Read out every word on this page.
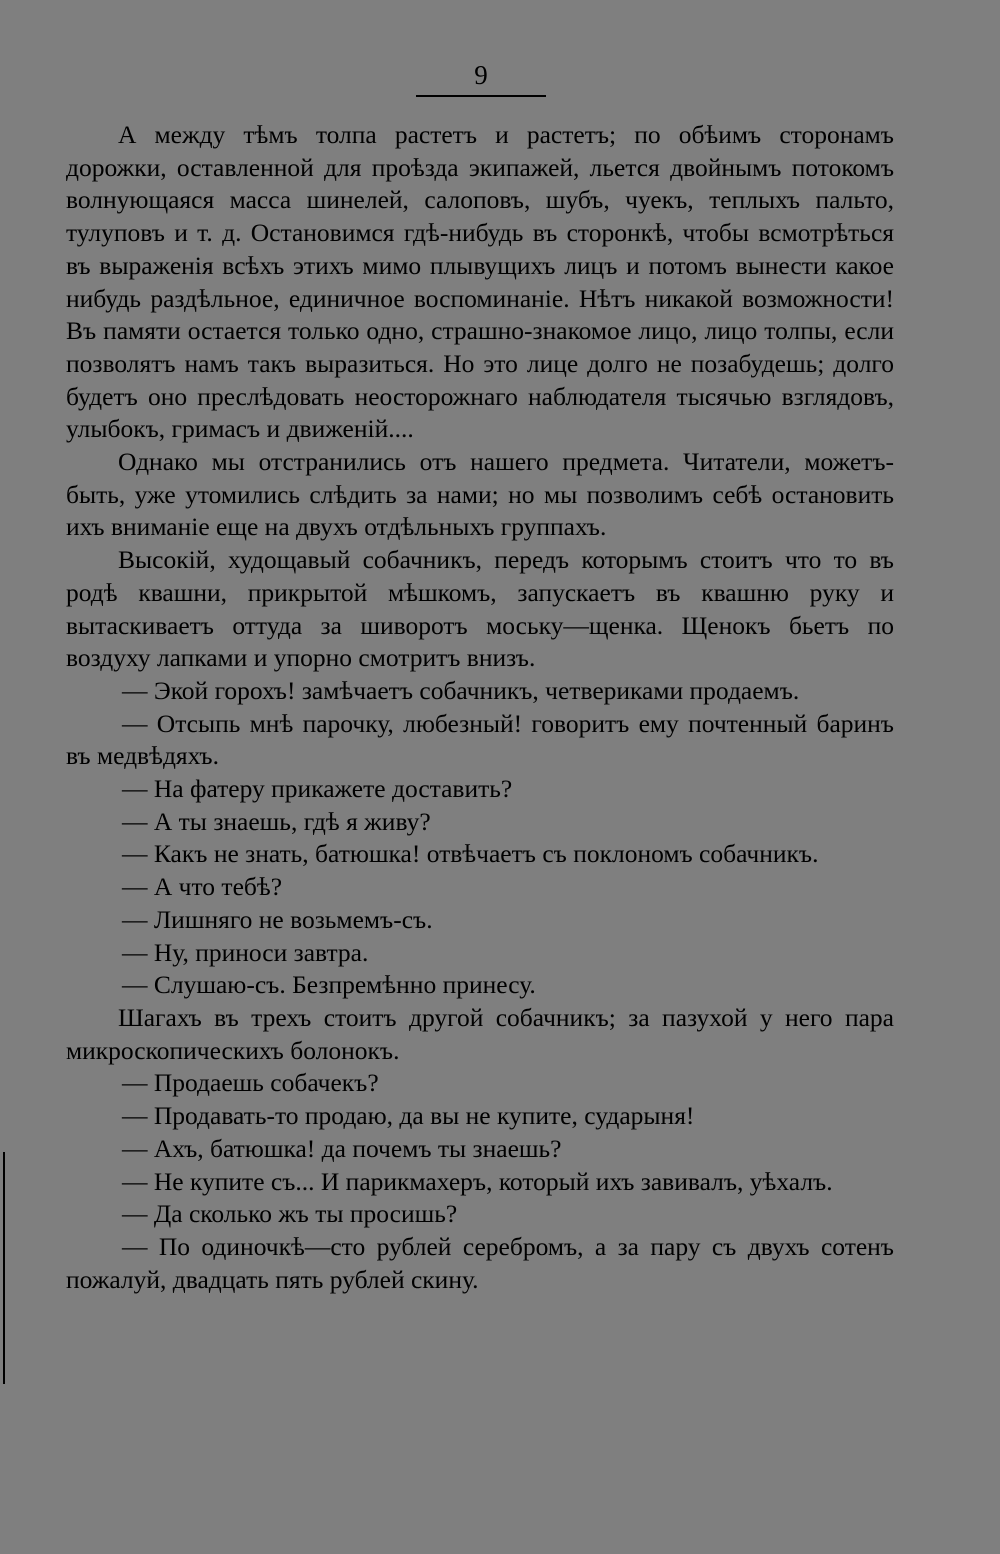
9

А между тѣмъ толпа растетъ и растетъ; по обѣимъ сторонамъ дорожки, оставленной для проѣзда экипажей, льется двойнымъ потокомъ волнующаяся масса шинелей, салоповъ, шубъ, чуекъ, теплыхъ пальто, тулуповъ и т. д. Остановимся гдѣ-нибудь въ сторонкѣ, чтобы всмотрѣться въ выраженія всѣхъ этихъ мимо плывущихъ лицъ и потомъ вынести какое нибудь раздѣльное, единичное воспоминаніе. Нѣтъ никакой возможности! Въ памяти остается только одно, страшно-знакомое лицо, лицо толпы, если позволятъ намъ такъ выразиться. Но это лице долго не позабудешь; долго будетъ оно преслѣдовать неосторожнаго наблюдателя тысячью взглядовъ, улыбокъ, гримасъ и движеній....

Однако мы отстранились отъ нашего предмета. Читатели, можетъ-быть, уже утомились слѣдить за нами; но мы позволимъ себѣ остановить ихъ вниманіе еще на двухъ отдѣльныхъ группахъ.

Высокій, худощавый собачникъ, передъ которымъ стоитъ что то въ родѣ квашни, прикрытой мѣшкомъ, запускаетъ въ квашню руку и вытаскиваетъ оттуда за шиворотъ моську—щенка. Щенокъ бьетъ по воздуху лапками и упорно смотритъ внизъ.

— Экой горохъ! замѣчаетъ собачникъ, четвериками продаемъ.

— Отсыпь мнѣ парочку, любезный! говоритъ ему почтенный баринъ въ медвѣдяхъ.

— На фатеру прикажете доставить?

— А ты знаешь, гдѣ я живу?

— Какъ не знать, батюшка! отвѣчаетъ съ поклономъ собачникъ.

— А что тебѣ?

— Лишняго не возьмемъ-съ.

— Ну, приноси завтра.

— Слушаю-съ. Безпремѣнно принесу.

Шагахъ въ трехъ стоитъ другой собачникъ; за пазухой у него пара микроскопическихъ болонокъ.

— Продаешь собачекъ?

— Продавать-то продаю, да вы не купите, сударыня!

— Ахъ, батюшка! да почемъ ты знаешь?

— Не купите съ... И парикмахеръ, который ихъ завивалъ, уѣхалъ.

— Да сколько жъ ты просишь?

— По одиночкѣ—сто рублей серебромъ, а за пару съ двухъ сотенъ пожалуй, двадцать пять рублей скину.
